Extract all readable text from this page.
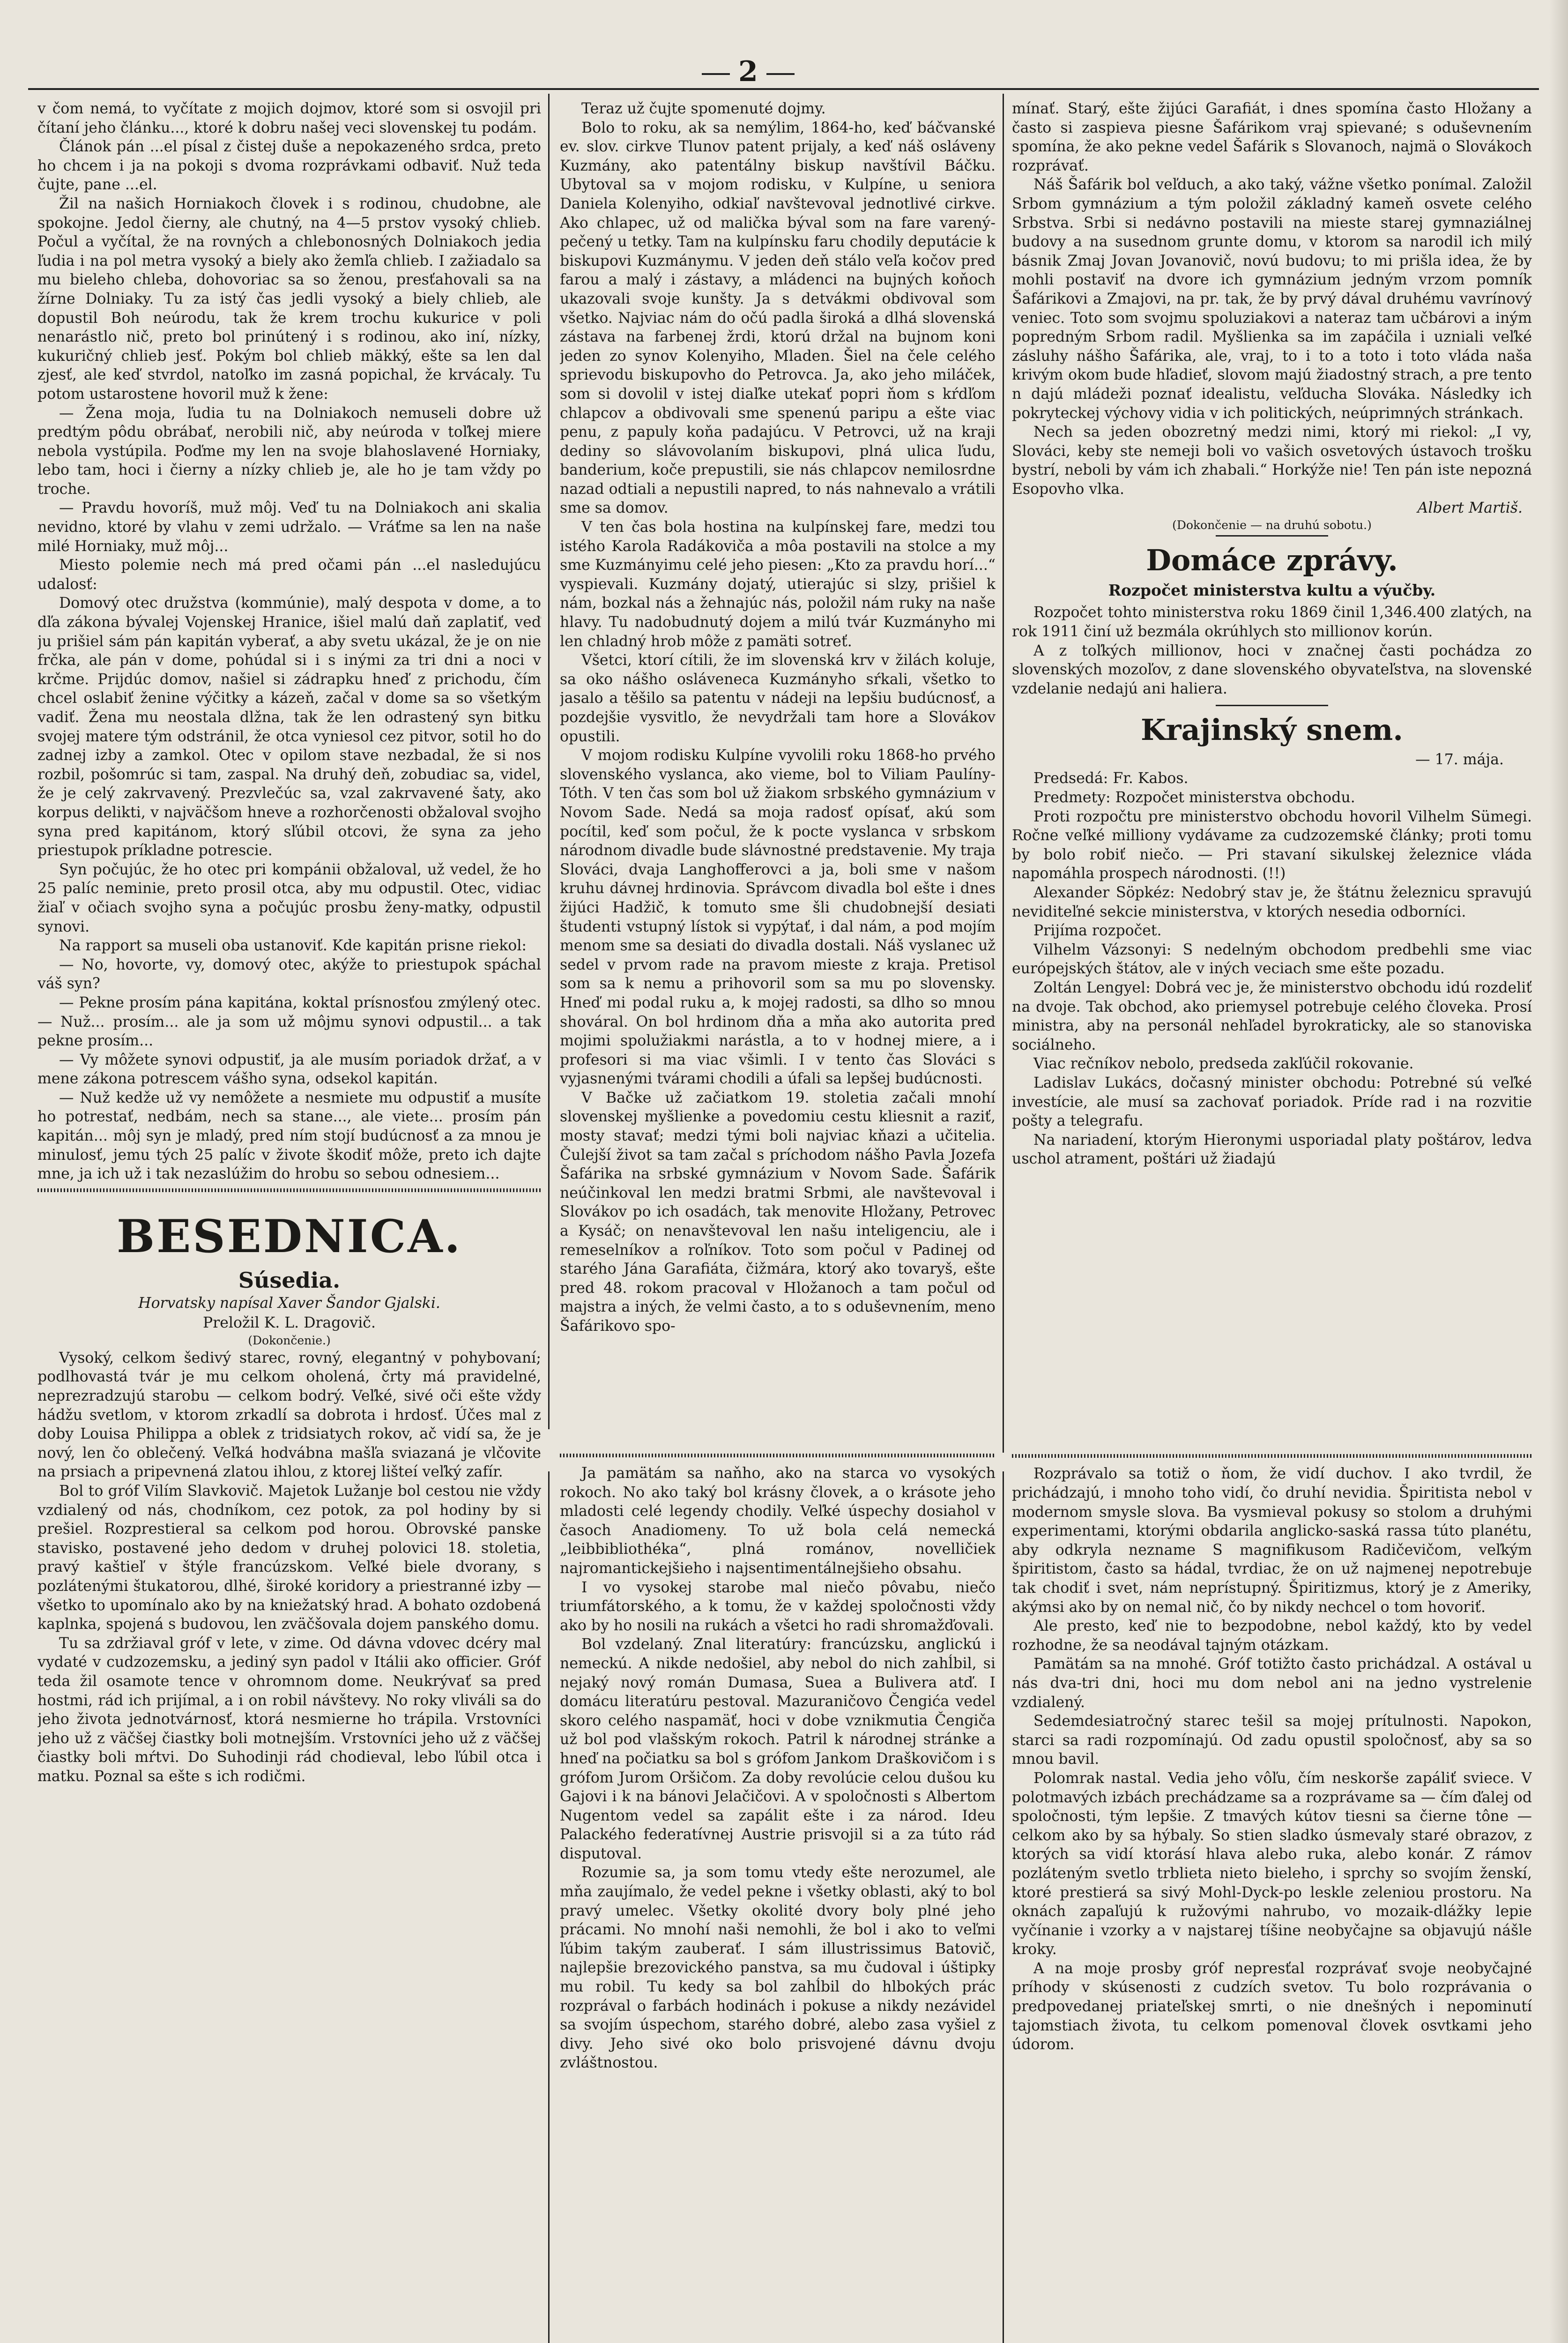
2

v čom nemá, to vyčítate z mojich dojmov, ktoré som si osvojil pri čítaní jeho článku..., ktoré k dobru našej veci slovenskej tu podám.

Článok pán ...el písal z čistej duše a nepokazeného srdca, preto ho chcem i ja na pokoji s dvoma rozprávkami odbaviť. Nuž teda čujte, pane ...el.

Žil na našich Horniakoch človek i s rodinou, chudobne, ale spokojne. Jedol čierny, ale chutný, na 4—5 prstov vysoký chlieb. Počul a vyčítal, že na rovných a chlebonosných Dolniakoch jedia ľudia i na pol metra vysoký a biely ako žemľa chlieb. I zažiadalo sa mu bieleho chleba, dohovoriac sa so ženou, presťahovali sa na žírne Dolniaky. Tu za istý čas jedli vysoký a biely chlieb, ale dopustil Boh neúrodu, tak že krem trochu kukurice v poli nenarástlo nič, preto bol prinútený i s rodinou, ako iní, nízky, kukuričný chlieb jesť. Pokým bol chlieb mäkký, ešte sa len dal zjesť, ale keď stvrdol, natoľko im zasná popichal, že krvácaly. Tu potom ustarostene hovoril muž k žene:

— Žena moja, ľudia tu na Dolniakoch nemuseli dobre už predtým pôdu obrábať, nerobili nič, aby neúroda v toľkej miere nebola vystúpila. Poďme my len na svoje blahoslavené Horniaky, lebo tam, hoci i čierny a nízky chlieb je, ale ho je tam vždy po troche.

— Pravdu hovoríš, muž môj. Veď tu na Dolniakoch ani skalia nevidno, ktoré by vlahu v zemi udržalo. — Vráťme sa len na naše milé Horniaky, muž môj...

Miesto polemie nech má pred očami pán ...el nasledujúcu udalosť:

Domový otec družstva (kommúnie), malý despota v dome, a to dľa zákona bývalej Vojenskej Hranice, išiel malú daň zaplatiť, veď ju prišiel sám pán kapitán vyberať, a aby svetu ukázal, že je on nie frčka, ale pán v dome, pohúdal si i s inými za tri dni a noci v krčme. Prijdúc domov, našiel si zádrapku hneď z prichodu, čím chcel oslabiť ženine výčitky a kázeň, začal v dome sa so všetkým vadiť. Žena mu neostala dlžna, tak že len odrastený syn bitku svojej matere tým odstránil, že otca vyniesol cez pitvor, sotil ho do zadnej izby a zamkol. Otec v opilom stave nezbadal, že si nos rozbil, pošomrúc si tam, zaspal. Na druhý deň, zobudiac sa, videl, že je celý zakrvavený. Prezvlečúc sa, vzal zakrvavené šaty, ako korpus delikti, v najväčšom hneve a rozhorčenosti obžaloval svojho syna pred kapitánom, ktorý sľúbil otcovi, že syna za jeho priestupok príkladne potrescie.

Syn počujúc, že ho otec pri kompánii obžaloval, už vedel, že ho 25 palíc neminie, preto prosil otca, aby mu odpustil. Otec, vidiac žiaľ v očiach svojho syna a počujúc prosbu ženy-matky, odpustil synovi.

Na rapport sa museli oba ustanoviť. Kde kapitán prisne riekol:

— No, hovorte, vy, domový otec, akýže to priestupok spáchal váš syn?

— Pekne prosím pána kapitána, koktal prísnosťou zmýlený otec. — Nuž... prosím... ale ja som už môjmu synovi odpustil... a tak pekne prosím...

— Vy môžete synovi odpustiť, ja ale musím poriadok držať, a v mene zákona potrescem vášho syna, odsekol kapitán.

— Nuž kedže už vy nemôžete a nesmiete mu odpustiť a musíte ho potrestať, nedbám, nech sa stane..., ale viete... prosím pán kapitán... môj syn je mladý, pred ním stojí budúcnosť a za mnou je minulosť, jemu tých 25 palíc v živote škodiť môže, preto ich dajte mne, ja ich už i tak nezaslúžim do hrobu so sebou odnesiem...

BESEDNICA.
Súsedia.
Horvatsky napísal Xaver Šandor Gjalski.
Preložil K. L. Dragovič.
(Dokončenie.)

Vysoký, celkom šedivý starec, rovný, elegantný v pohybovaní; podlhovastá tvár je mu celkom oholená, črty má pravidelné, neprezradzujú starobu — celkom bodrý. Veľké, sivé oči ešte vždy hádžu svetlom, v ktorom zrkadlí sa dobrota i hrdosť. Účes mal z doby Louisa Philippa a oblek z tridsiatych rokov, ač vidí sa, že je nový, len čo oblečený. Veľká hodvábna mašľa sviazaná je vlčovite na prsiach a pripevnená zlatou ihlou, z ktorej lišteí veľký zafír.

Bol to gróf Vilím Slavkovič. Majetok Lužanje bol cestou nie vždy vzdialený od nás, chodníkom, cez potok, za pol hodiny by si prešiel. Rozprestieral sa celkom pod horou. Obrovské panske stavisko, postavené jeho dedom v druhej polovici 18. stoletia, pravý kaštieľ v štýle francúzskom. Veľké biele dvorany, s pozlátenými štukatorou, dlhé, široké koridory a priestranné izby — všetko to upomínalo ako by na kniežatský hrad. A bohato ozdobená kaplnka, spojená s budovou, len zväčšovala dojem panského domu.

Tu sa zdržiaval gróf v lete, v zime. Od dávna vdovec dcéry mal vydaté v cudzozemsku, a jediný syn padol v Itálii ako officier. Gróf teda žil osamote tence v ohromnom dome. Neukrývať sa pred hostmi, rád ich prijímal, a i on robil návštevy. No roky vliváli sa do jeho života jednotvárnosť, ktorá nesmierne ho trápila. Vrstovníci jeho už z väčšej čiastky boli motnejším. Vrstovníci jeho už z väčšej čiastky boli mŕtvi. Do Suhodinji rád chodieval, lebo ľúbil otca i matku. Poznal sa ešte s ich rodičmi.

Teraz už čujte spomenuté dojmy.

Bolo to roku, ak sa nemýlim, 1864-ho, keď báčvanské ev. slov. cirkve Tlunov patent prijaly, a keď náš osláveny Kuzmány, ako patentálny biskup navštívil Báčku. Ubytoval sa v mojom rodisku, v Kulpíne, u seniora Daniela Kolenyiho, odkiaľ navštevoval jednotlivé cirkve. Ako chlapec, už od malička býval som na fare varený-pečený u tetky. Tam na kulpínsku faru chodily deputácie k biskupovi Kuzmánymu. V jeden deň stálo veľa kočov pred farou a malý i zástavy, a mládenci na bujných koňoch ukazovali svoje kunšty. Ja s detvákmi obdivoval som všetko. Najviac nám do očú padla široká a dlhá slovenská zástava na farbenej žrdi, ktorú držal na bujnom koni jeden zo synov Kolenyiho, Mladen. Šiel na čele celého sprievodu biskupovho do Petrovca. Ja, ako jeho miláček, som si dovolil v istej diaľke utekať popri ňom s kŕdľom chlapcov a obdivovali sme spenenú paripu a ešte viac penu, z papuly koňa padajúcu. V Petrovci, už na kraji dediny so slávovolaním biskupovi, plná ulica ľudu, banderium, koče prepustili, sie nás chlapcov nemilosrdne nazad odtiali a nepustili napred, to nás nahnevalo a vrátili sme sa domov.

V ten čas bola hostina na kulpínskej fare, medzi tou istého Karola Radákoviča a môa postavili na stolce a my sme Kuzmányimu celé jeho piesen: „Kto za pravdu horí...“ vyspievali. Kuzmány dojatý, utierajúc si slzy, prišiel k nám, bozkal nás a žehnajúc nás, položil nám ruky na naše hlavy. Tu nadobudnutý dojem a milú tvár Kuzmányho mi len chladný hrob môže z pamäti sotreť.

Všetci, ktorí cítili, že im slovenská krv v žilách koluje, sa oko nášho osláveneca Kuzmányho sŕkali, všetko to jasalo a těšilo sa patentu v nádeji na lepšiu budúcnosť, a pozdejšie vysvitlo, že nevydržali tam hore a Slovákov opustili.

V mojom rodisku Kulpíne vyvolili roku 1868-ho prvého slovenského vyslanca, ako vieme, bol to Viliam Paulíny-Tóth. V ten čas som bol už žiakom srbského gymnázium v Novom Sade. Nedá sa moja radosť opísať, akú som pocítil, keď som počul, že k pocte vyslanca v srbskom národnom divadle bude slávnostné predstavenie. My traja Slováci, dvaja Langhofferovci a ja, boli sme v našom kruhu dávnej hrdinovia. Správcom divadla bol ešte i dnes žijúci Hadžič, k tomuto sme šli chudobnejší desiati študenti vstupný lístok si vypýtať, i dal nám, a pod mojím menom sme sa desiati do divadla dostali. Náš vyslanec už sedel v prvom rade na pravom mieste z kraja. Pretisol som sa k nemu a prihovoril som sa mu po slovensky. Hneď mi podal ruku a, k mojej radosti, sa dlho so mnou shováral. On bol hrdinom dňa a mňa ako autorita pred mojimi spolužiakmi narástla, a to v hodnej miere, a i profesori si ma viac všimli. I v tento čas Slováci s vyjasnenými tvárami chodili a úfali sa lepšej budúcnosti.

V Bačke už začiatkom 19. stoletia začali mnohí slovenskej myšlienke a povedomiu cestu kliesnit a raziť, mosty stavať; medzi tými boli najviac kňazi a učitelia. Čulejší život sa tam začal s príchodom nášho Pavla Jozefa Šafárika na srbské gymnázium v Novom Sade. Šafárik neúčinkoval len medzi bratmi Srbmi, ale navštevoval i Slovákov po ich osadách, tak menovite Hložany, Petrovec a Kysáč; on nenavštevoval len našu inteligenciu, ale i remeselníkov a roľníkov. Toto som počul v Padinej od starého Jána Garafiáta, čižmára, ktorý ako tovaryš, ešte pred 48. rokom pracoval v Hložanoch a tam počul od majstra a iných, že velmi často, a to s oduševnením, meno Šafárikovo spo-

Ja pamätám sa naňho, ako na starca vo vysokých rokoch. No ako taký bol krásny človek, a o krásote jeho mladosti celé legendy chodily. Veľké úspechy dosiahol v časoch Anadiomeny. To už bola celá nemecká „leibbibliothéka“, plná románov, novelličiek najromantickejšieho i najsentimentálnejšieho obsahu.

I vo vysokej starobe mal niečo pôvabu, niečo triumfátorského, a k tomu, že v každej spoločnosti vždy ako by ho nosili na rukách a všetci ho radi shromažďovali.

Bol vzdelaný. Znal literatúry: francúzsku, anglickú i nemeckú. A nikde nedošiel, aby nebol do nich zahĺbil, si nejaký nový román Dumasa, Suea a Bulivera atď. I domácu literatúru pestoval. Mazuraničovo Čengića vedel skoro celého naspamäť, hoci v dobe vznikmutia Čengiča už bol pod vlašským rokoch. Patril k národnej stránke a hneď na počiatku sa bol s grófom Jankom Draškovičom i s grófom Jurom Oršičom. Za doby revolúcie celou dušou ku Gajovi i k na bánovi Jelačičovi. A v spoločnosti s Albertom Nugentom vedel sa zapálit ešte i za národ. Ideu Palackého federatívnej Austrie prisvojil si a za túto rád disputoval.

Rozumie sa, ja som tomu vtedy ešte nerozumel, ale mňa zaujímalo, že vedel pekne i všetky oblasti, aký to bol pravý umelec. Všetky okolité dvory boly plné jeho prácami. No mnohí naši nemohli, že bol i ako to veľmi ľúbim takým zauberať. I sám illustrissimus Batovič, najlepšie brezovického panstva, sa mu čudoval i úštipky mu robil. Tu kedy sa bol zahĺbil do hlbokých prác rozprával o farbách hodinách i pokuse a nikdy nezávidel sa svojím úspechom, starého dobré, alebo zasa vyšiel z divy. Jeho sivé oko bolo prisvojené dávnu dvoju zvláštnostou.

mínať. Starý, ešte žijúci Garafiát, i dnes spomína často Hložany a často si zaspieva piesne Šafárikom vraj spievané; s oduševnením spomína, že ako pekne vedel Šafárik s Slovanoch, najmä o Slovákoch rozprávať.

Náš Šafárik bol veľduch, a ako taký, vážne všetko ponímal. Založil Srbom gymnázium a tým položil základný kameň osvete celého Srbstva. Srbi si nedávno postavili na mieste starej gymnaziálnej budovy a na susednom grunte domu, v ktorom sa narodil ich milý básnik Zmaj Jovan Jovanovič, novú budovu; to mi prišla idea, že by mohli postaviť na dvore ich gymnázium jedným vrzom pomník Šafárikovi a Zmajovi, na pr. tak, že by prvý dával druhému vavrínový veniec. Toto som svojmu spoluziakovi a nateraz tam učbárovi a iným popredným Srbom radil. Myšlienka sa im zapáčila i uzniali veľké zásluhy nášho Šafárika, ale, vraj, to i to a toto i toto vláda našа krivým okom bude hľadieť, slovom majú žiadostný strach, a pre tento n dajú mládeži poznať idealistu, veľducha Slováka. Následky ich pokryteckej výchovy vidia v ich politických, neúprimných stránkach.

Nech sa jeden obozretný medzi nimi, ktorý mi riekol: „I vy, Slováci, keby ste nemeji boli vo vašich osvetových ústavoch trošku bystrí, neboli by vám ich zhabali.“ Horkýže nie! Ten pán iste nepozná Esopovho vlka.

Albert Martiš.
(Dokončenie — na druhú sobotu.)
Domáce zprávy.
Rozpočet ministerstva kultu a výučby.

Rozpočet tohto ministerstva roku 1869 činil 1,346.400 zlatých, na rok 1911 činí už bezmála okrúhlych sto millionov korún.

A z toľkých millionov, hoci v značnej časti pochádza zo slovenských mozoľov, z dane slovenského obyvateľstva, na slovenské vzdelanie nedajú ani haliera.

Krajinský snem.
— 17. mája.

Predsedá: Fr. Kabos.

Predmety: Rozpočet ministerstva obchodu.

Proti rozpočtu pre ministerstvo obchodu hovoril Vilhelm Sümegi. Ročne veľké milliony vydávame za cudzozemské články; proti tomu by bolo robiť niečo. — Pri stavaní sikulskej železnice vláda napomáhla prospech národnosti. (!!)

Alexander Söpkéz: Nedobrý stav je, že štátnu železnicu spravujú neviditeľné sekcie ministerstva, v ktorých nesedia odborníci.

Prijíma rozpočet.

Vilhelm Vázsonyi: S nedelným obchodom predbehli sme viac európejských štátov, ale v iných veciach sme ešte pozadu.

Zoltán Lengyel: Dobrá vec je, že ministerstvo obchodu idú rozdeliť na dvoje. Tak obchod, ako priemysel potrebuje celého človeka. Prosí ministra, aby na personál nehľadel byrokraticky, ale so stanoviska sociálneho.

Viac rečníkov nebolo, predseda zakľúčil rokovanie.

Ladislav Lukács, dočasný minister obchodu: Potrebné sú veľké investície, ale musí sa zachovať poriadok. Príde rad i na rozvitie pošty a telegrafu.

Na nariadení, ktorým Hieronymi usporiadal platy poštárov, ledva uschol atrament, poštári už žiadajú

Rozprávalo sa totiž o ňom, že vidí duchov. I ako tvrdil, že prichádzajú, i mnoho toho vidí, čo druhí nevidia. Špiritista nebol v modernom smysle slova. Ba vysmieval pokusy so stolom a druhými experimentami, ktorými obdarila anglicko-saská rassa túto planétu, aby odkryla nezname S magnifikusom Radičevičom, veľkým špiritistom, často sa hádal, tvrdiac, že on už najmenej nepotrebuje tak chodiť i svet, nám neprístupný. Špiritizmus, ktorý je z Ameriky, akýmsi ako by on nemal nič, čo by nikdy nechcel o tom hovoriť.

Ale presto, keď nie to bezpodobne, nebol každý, kto by vedel rozhodne, že sa neodával tajným otázkam.

Pamätám sa na mnohé. Gróf totižto často prichádzal. A ostával u nás dva-tri dni, hoci mu dom nebol ani na jedno vystrelenie vzdialený.

Sedemdesiatročný starec tešil sa mojej prítulnosti. Napokon, starci sa radi rozpomínajú. Od zadu opustil spoločnosť, aby sa so mnou bavil.

Polomrak nastal. Vedia jeho vôľu, čím neskorše zapáliť sviece. V polotmavých izbách prechádzame sa a rozprávame sa — čím ďalej od spoločnosti, tým lepšie. Z tmavých kútov tiesni sa čierne tône — celkom ako by sa hýbaly. So stien sladko úsmevaly staré obrazov, z ktorých sa vidí ktorásí hlava alebo ruka, alebo konár. Z rámov pozláteným svetlo trblieta nieto bieleho, i sprchy so svojím ženskí, ktoré prestierá sa sivý Mohl-Dyck-po leskle zeleniou prostoru. Na oknách zapaľujú k ružovými nahrubo, vo mozaik-dlážky lepie vyčínanie i vzorky a v najstarej tíšine neobyčajne sa objavujú nášle kroky.

A na moje prosby gróf nepresťal rozprávať svoje neobyčajné príhody v skúsenosti z cudzích svetov. Tu bolo rozprávania o predpovedanej priateľskej smrti, o nie dnešných i nepominutí tajomstiach života, tu celkom pomenoval človek osvtkami jeho údorom.
